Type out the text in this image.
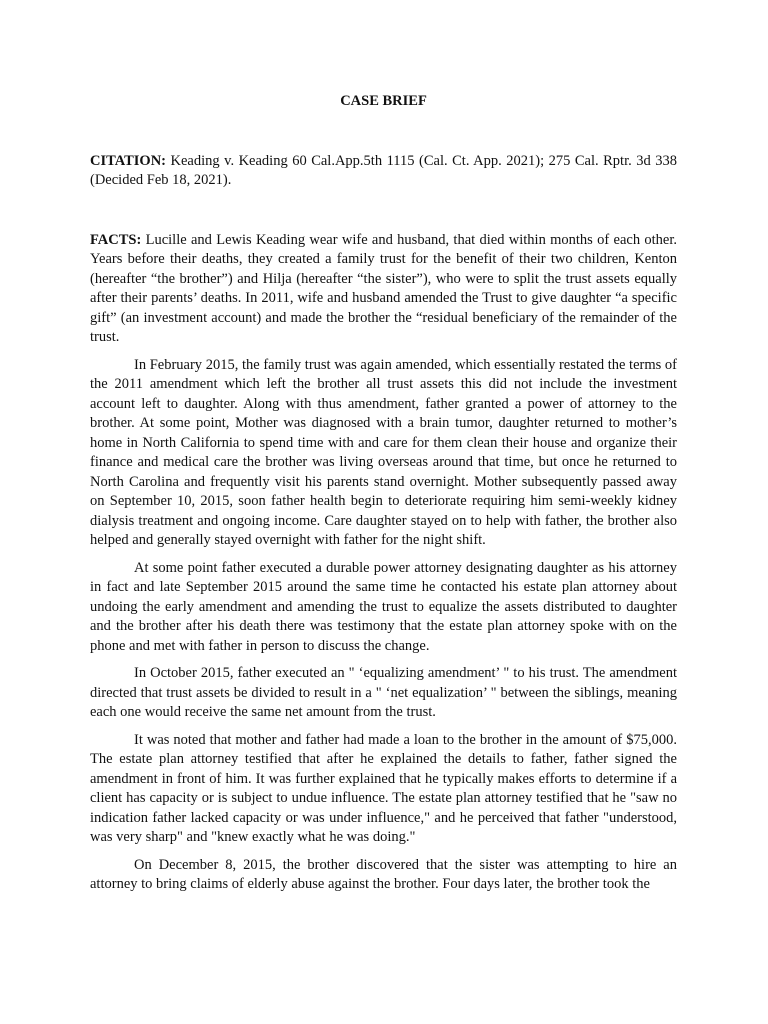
CASE BRIEF

CITATION: Keading v. Keading 60 Cal.App.5th 1115 (Cal. Ct. App. 2021); 275 Cal. Rptr. 3d 338 (Decided Feb 18, 2021).

FACTS: Lucille and Lewis Keading wear wife and husband, that died within months of each other. Years before their deaths, they created a family trust for the benefit of their two children, Kenton (hereafter “the brother”) and Hilja (hereafter “the sister”), who were to split the trust assets equally after their parents’ deaths. In 2011, wife and husband amended the Trust to give daughter “a specific gift” (an investment account) and made the brother the “residual beneficiary of the remainder of the trust.

In February 2015, the family trust was again amended, which essentially restated the terms of the 2011 amendment which left the brother all trust assets this did not include the investment account left to daughter. Along with thus amendment, father granted a power of attorney to the brother. At some point, Mother was diagnosed with a brain tumor, daughter returned to mother’s home in North California to spend time with and care for them clean their house and organize their finance and medical care the brother was living overseas around that time, but once he returned to North Carolina and frequently visit his parents stand overnight. Mother subsequently passed away on September 10, 2015, soon father health begin to deteriorate requiring him semi-weekly kidney dialysis treatment and ongoing income. Care daughter stayed on to help with father, the brother also helped and generally stayed overnight with father for the night shift.

At some point father executed a durable power attorney designating daughter as his attorney in fact and late September 2015 around the same time he contacted his estate plan attorney about undoing the early amendment and amending the trust to equalize the assets distributed to daughter and the brother after his death there was testimony that the estate plan attorney spoke with on the phone and met with father in person to discuss the change.

In October 2015, father executed an " ‘equalizing amendment’ " to his trust. The amendment directed that trust assets be divided to result in a " ‘net equalization’ " between the siblings, meaning each one would receive the same net amount from the trust.

It was noted that mother and father had made a loan to the brother in the amount of $75,000. The estate plan attorney testified that after he explained the details to father, father signed the amendment in front of him. It was further explained that he typically makes efforts to determine if a client has capacity or is subject to undue influence. The estate plan attorney testified that he "saw no indication father lacked capacity or was under influence," and he perceived that father "understood, was very sharp" and "knew exactly what he was doing."

On December 8, 2015, the brother discovered that the sister was attempting to hire an attorney to bring claims of elderly abuse against the brother. Four days later, the brother took the
